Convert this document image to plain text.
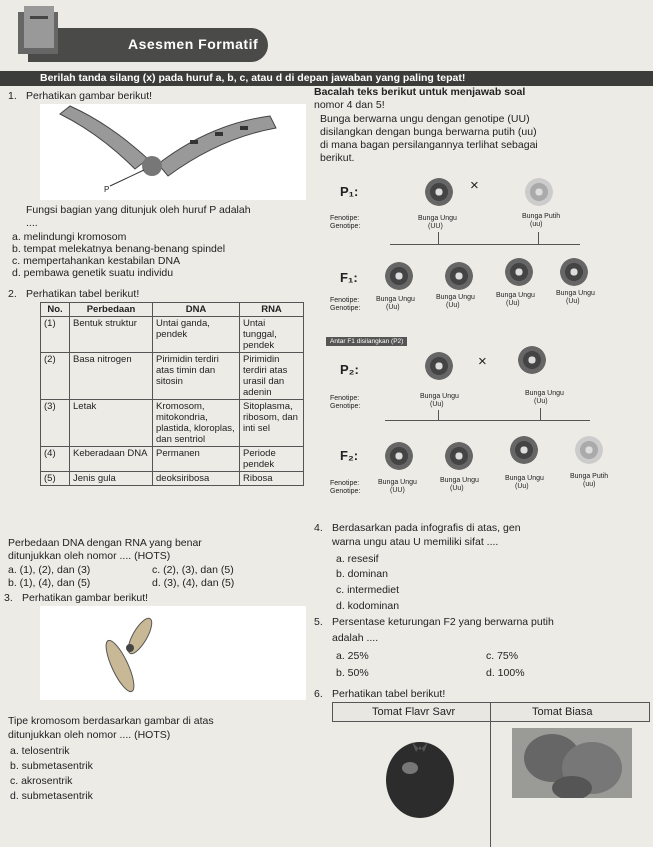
Asesmen Formatif
Berilah tanda silang (x) pada huruf a, b, c, atau d di depan jawaban yang paling tepat!
1. Perhatikan gambar berikut!
P
Fungsi bagian yang ditunjuk oleh huruf P adalah
....
a. melindungi kromosom
b. tempat melekatnya benang-benang spindel
c. mempertahankan kestabilan DNA
d. pembawa genetik suatu individu
2. Perhatikan tabel berikut!
No.	Perbedaan	DNA	RNA
(1)	Bentuk struktur	Untai ganda, pendek	Untai tunggal, pendek
(2)	Basa nitrogen	Pirimidin terdiri atas timin dan sitosin	Pirimidin terdiri atas urasil dan adenin
(3)	Letak	Kromosom, mitokondria, plastida, kloroplas, dan sentriol	Sitoplasma, ribosom, dan inti sel
(4)	Keberadaan DNA	Permanen	Periode pendek
(5)	Jenis gula	deoksiribosa	Ribosa
Perbedaan DNA dengan RNA yang benar
ditunjukkan oleh nomor .... (HOTS)
a. (1), (2), dan (3)	c. (2), (3), dan (5)
b. (1), (4), dan (5)	d. (3), (4), dan (5)
3. Perhatikan gambar berikut!
Tipe kromosom berdasarkan gambar di atas
ditunjukkan oleh nomor .... (HOTS)
a. telosentrik
b. submetasentrik
c. akrosentrik
d. submetasentrik
Bacalah teks berikut untuk menjawab soal
nomor 4 dan 5!
Bunga berwarna ungu dengan genotipe (UU)
disilangkan dengan bunga berwarna putih (uu)
di mana bagan persilangannya terlihat sebagai
berikut.
P₁:	×
Fenotipe:
Genotipe:
Bunga Ungu
(UU)
Bunga Putih
(uu)
F₁:
Fenotipe:
Genotipe:
Bunga Ungu
(Uu)
Bunga Ungu
(Uu)
Bunga Ungu
(Uu)
Bunga Ungu
(Uu)
Antar F1 disilangkan (P2)
P₂:	×
Fenotipe:
Genotipe:
Bunga Ungu
(Uu)
Bunga Ungu
(Uu)
F₂:
Fenotipe:
Genotipe:
Bunga Ungu
(UU)
Bunga Ungu
(Uu)
Bunga Ungu
(Uu)
Bunga Putih
(uu)
4. Berdasarkan pada infografis di atas, gen
warna ungu atau U memiliki sifat ....
a. resesif
b. dominan
c. intermediet
d. kodominan
5. Persentase keturungan F2 yang berwarna putih
adalah ....
a. 25%	c. 75%
b. 50%	d. 100%
6. Perhatikan tabel berikut!
Tomat Flavr Savr	Tomat Biasa
